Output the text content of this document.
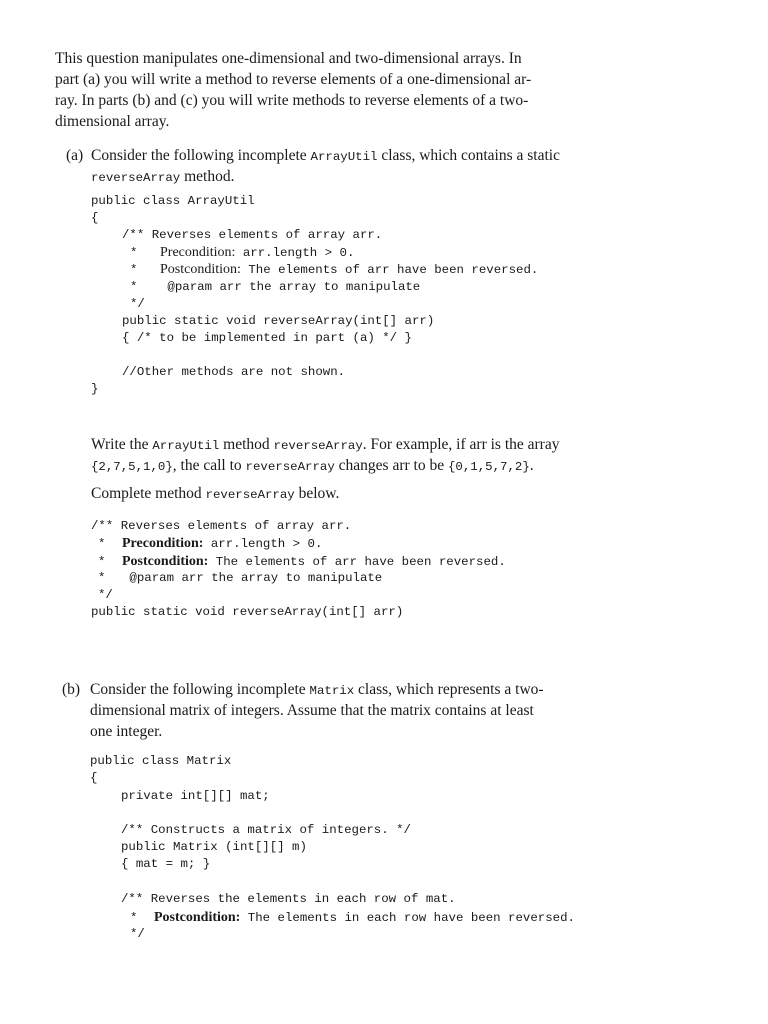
This question manipulates one-dimensional and two-dimensional arrays. In
part (a) you will write a method to reverse elements of a one-dimensional ar-
ray. In parts (b) and (c) you will write methods to reverse elements of a two-
dimensional array.
(a) Consider the following incomplete ArrayUtil class, which contains a static
reverseArray method.
public class ArrayUtil
{
/** Reverses elements of array arr.
* Precondition: arr.length > 0.
* Postcondition: The elements of arr have been reversed.
* @param arr the array to manipulate
*/
public static void reverseArray(int[] arr)
{ /* to be implemented in part (a) */ }
//Other methods are not shown.
}
Write the ArrayUtil method reverseArray. For example, if arr is the array
{2,7,5,1,0}, the call to reverseArray changes arr to be {0,1,5,7,2}.
Complete method reverseArray below.
/** Reverses elements of array arr.
* Precondition: arr.length > 0.
* Postcondition: The elements of arr have been reversed.
* @param arr the array to manipulate
*/
public static void reverseArray(int[] arr)
(b) Consider the following incomplete Matrix class, which represents a two-
dimensional matrix of integers. Assume that the matrix contains at least
one integer.
public class Matrix
{
private int[][] mat;
/** Constructs a matrix of integers. */
public Matrix (int[][] m)
{ mat = m; }
/** Reverses the elements in each row of mat.
* Postcondition: The elements in each row have been reversed.
*/
